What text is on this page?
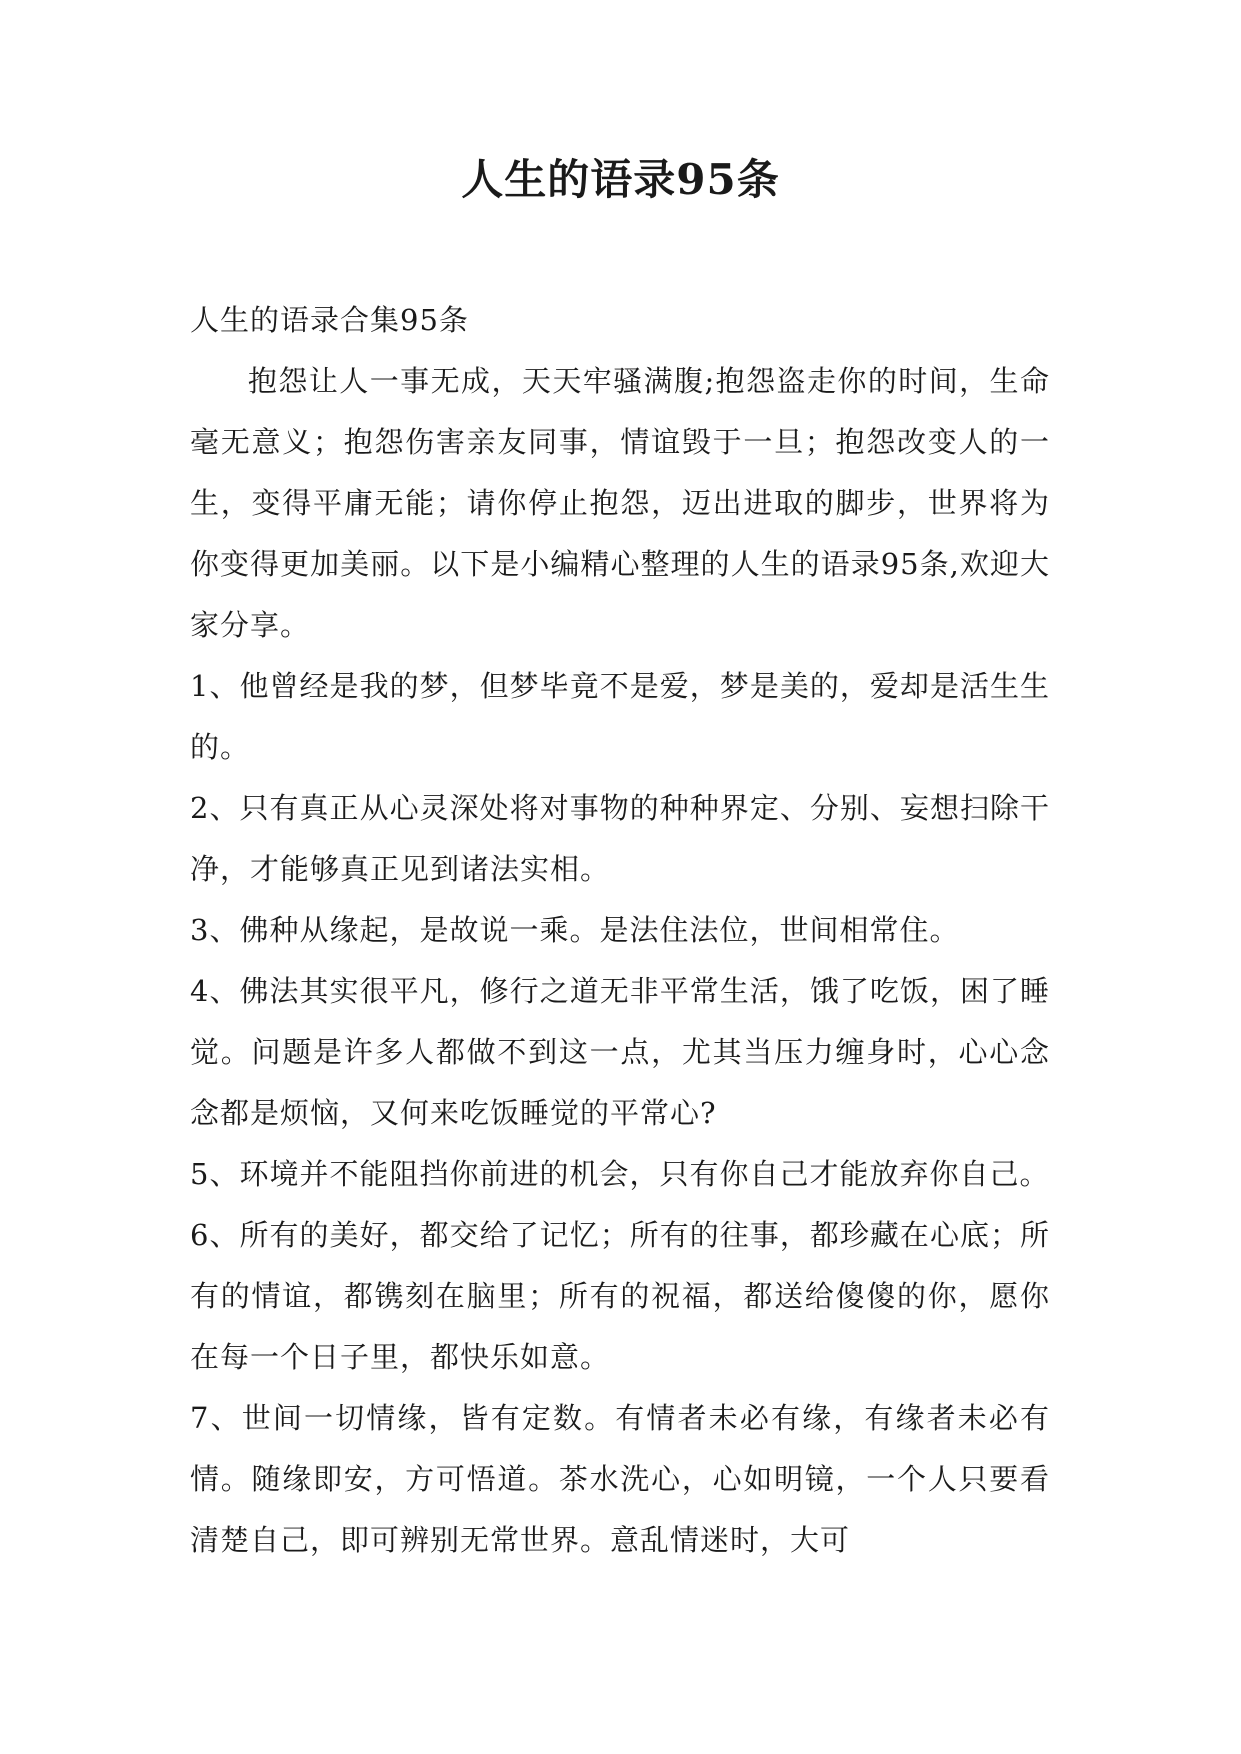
人生的语录95条

人生的语录合集95条

抱怨让人一事无成，天天牢骚满腹;抱怨盗走你的时间，生命毫无意义；抱怨伤害亲友同事，情谊毁于一旦；抱怨改变人的一生，变得平庸无能；请你停止抱怨，迈出进取的脚步，世界将为你变得更加美丽。以下是小编精心整理的人生的语录95条,欢迎大家分享。

1、他曾经是我的梦，但梦毕竟不是爱，梦是美的，爱却是活生生的。

2、只有真正从心灵深处将对事物的种种界定、分别、妄想扫除干净，才能够真正见到诸法实相。

3、佛种从缘起，是故说一乘。是法住法位，世间相常住。

4、佛法其实很平凡，修行之道无非平常生活，饿了吃饭，困了睡觉。问题是许多人都做不到这一点，尤其当压力缠身时，心心念念都是烦恼，又何来吃饭睡觉的平常心?

5、环境并不能阻挡你前进的机会，只有你自己才能放弃你自己。

6、所有的美好，都交给了记忆；所有的往事，都珍藏在心底；所有的情谊，都镌刻在脑里；所有的祝福，都送给傻傻的你，愿你在每一个日子里，都快乐如意。

7、世间一切情缘，皆有定数。有情者未必有缘，有缘者未必有情。随缘即安，方可悟道。茶水洗心，心如明镜，一个人只要看清楚自己，即可辨别无常世界。意乱情迷时，大可
